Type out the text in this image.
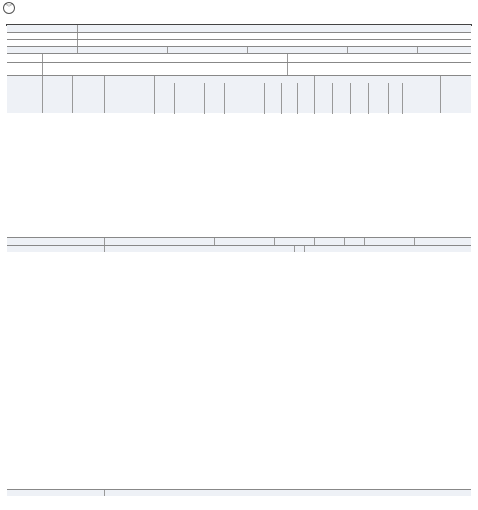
︾
